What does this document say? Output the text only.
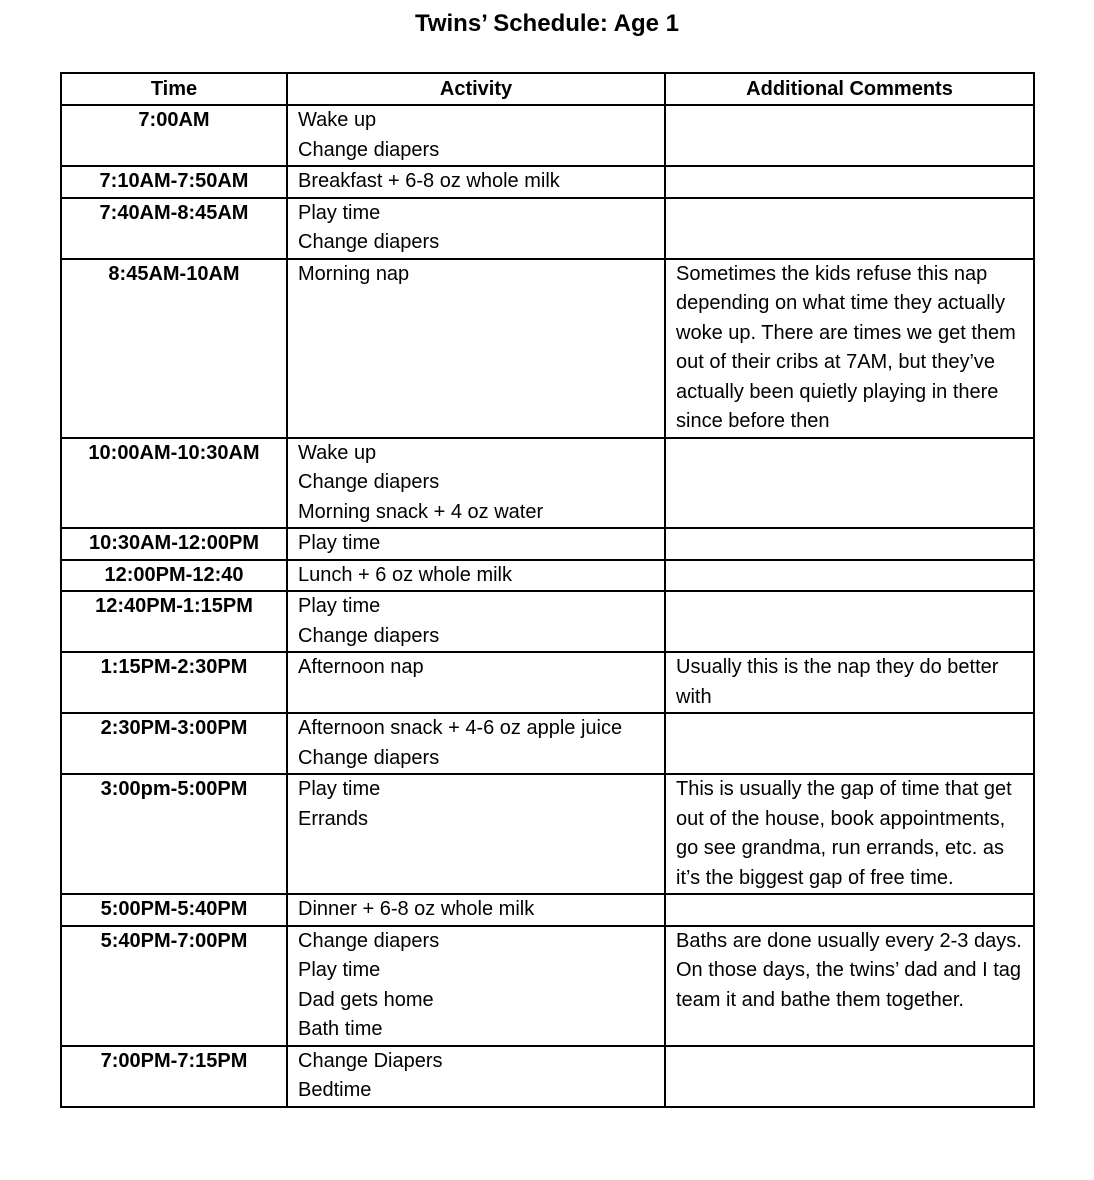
Twins’ Schedule: Age 1
Time	Activity	Additional Comments
7:00AM	Wake up
Change diapers	

7:10AM-7:50AM	Breakfast + 6-8 oz whole milk	

7:40AM-8:45AM	Play time
Change diapers	

8:45AM-10AM	Morning nap	Sometimes the kids refuse this nap depending on what time they actually woke up. There are times we get them out of their cribs at 7AM, but they’ve actually been quietly playing in there since before then

10:00AM-10:30AM	Wake up
Change diapers
Morning snack + 4 oz water	

10:30AM-12:00PM	Play time	

12:00PM-12:40	Lunch + 6 oz whole milk	

12:40PM-1:15PM	Play time
Change diapers	

1:15PM-2:30PM	Afternoon nap	Usually this is the nap they do better with

2:30PM-3:00PM	Afternoon snack + 4-6 oz apple juice
Change diapers	

3:00pm-5:00PM	Play time
Errands	This is usually the gap of time that get out of the house, book appointments, go see grandma, run errands, etc. as it’s the biggest gap of free time.

5:00PM-5:40PM	Dinner + 6-8 oz whole milk	

5:40PM-7:00PM	Change diapers
Play time
Dad gets home
Bath time	Baths are done usually every 2-3 days. On those days, the twins’ dad and I tag team it and bathe them together.

7:00PM-7:15PM	Change Diapers
Bedtime	
